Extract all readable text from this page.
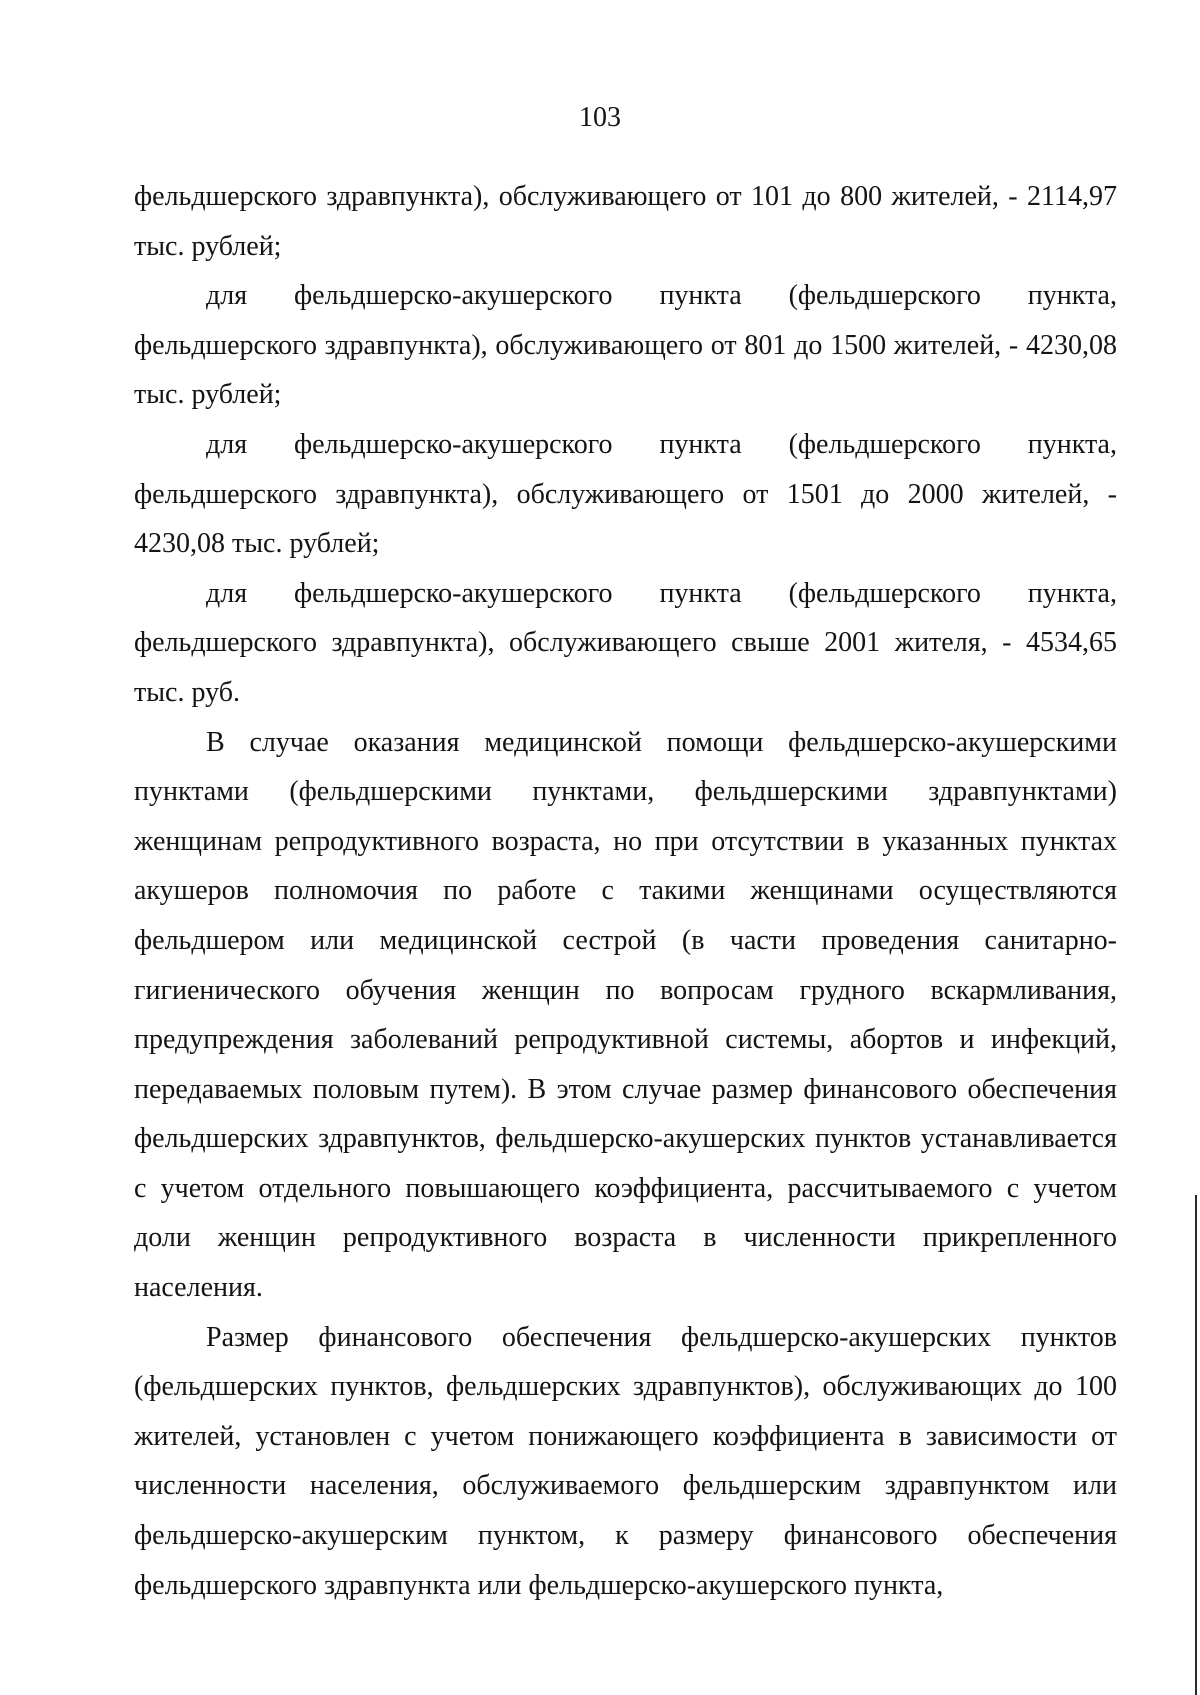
103

фельдшерского здравпункта), обслуживающего от 101 до 800 жителей, - 2114,97 тыс. рублей;

для фельдшерско-акушерского пункта (фельдшерского пункта, фельдшерского здравпункта), обслуживающего от 801 до 1500 жителей, - 4230,08 тыс. рублей;

для фельдшерско-акушерского пункта (фельдшерского пункта, фельдшерского здравпункта), обслуживающего от 1501 до 2000 жителей, - 4230,08 тыс. рублей;

для фельдшерско-акушерского пункта (фельдшерского пункта, фельдшерского здравпункта), обслуживающего свыше 2001 жителя, - 4534,65 тыс. руб.

В случае оказания медицинской помощи фельдшерско-акушерскими пунктами (фельдшерскими пунктами, фельдшерскими здравпунктами) женщинам репродуктивного возраста, но при отсутствии в указанных пунктах акушеров полномочия по работе с такими женщинами осуществляются фельдшером или медицинской сестрой (в части проведения санитарно-гигиенического обучения женщин по вопросам грудного вскармливания, предупреждения заболеваний репродуктивной системы, абортов и инфекций, передаваемых половым путем). В этом случае размер финансового обеспечения фельдшерских здравпунктов, фельдшерско-акушерских пунктов устанавливается с учетом отдельного повышающего коэффициента, рассчитываемого с учетом доли женщин репродуктивного возраста в численности прикрепленного населения.

Размер финансового обеспечения фельдшерско-акушерских пунктов (фельдшерских пунктов, фельдшерских здравпунктов), обслуживающих до 100 жителей, установлен с учетом понижающего коэффициента в зависимости от численности населения, обслуживаемого фельдшерским здравпунктом или фельдшерско-акушерским пунктом, к размеру финансового обеспечения фельдшерского здравпункта или фельдшерско-акушерского пункта,
